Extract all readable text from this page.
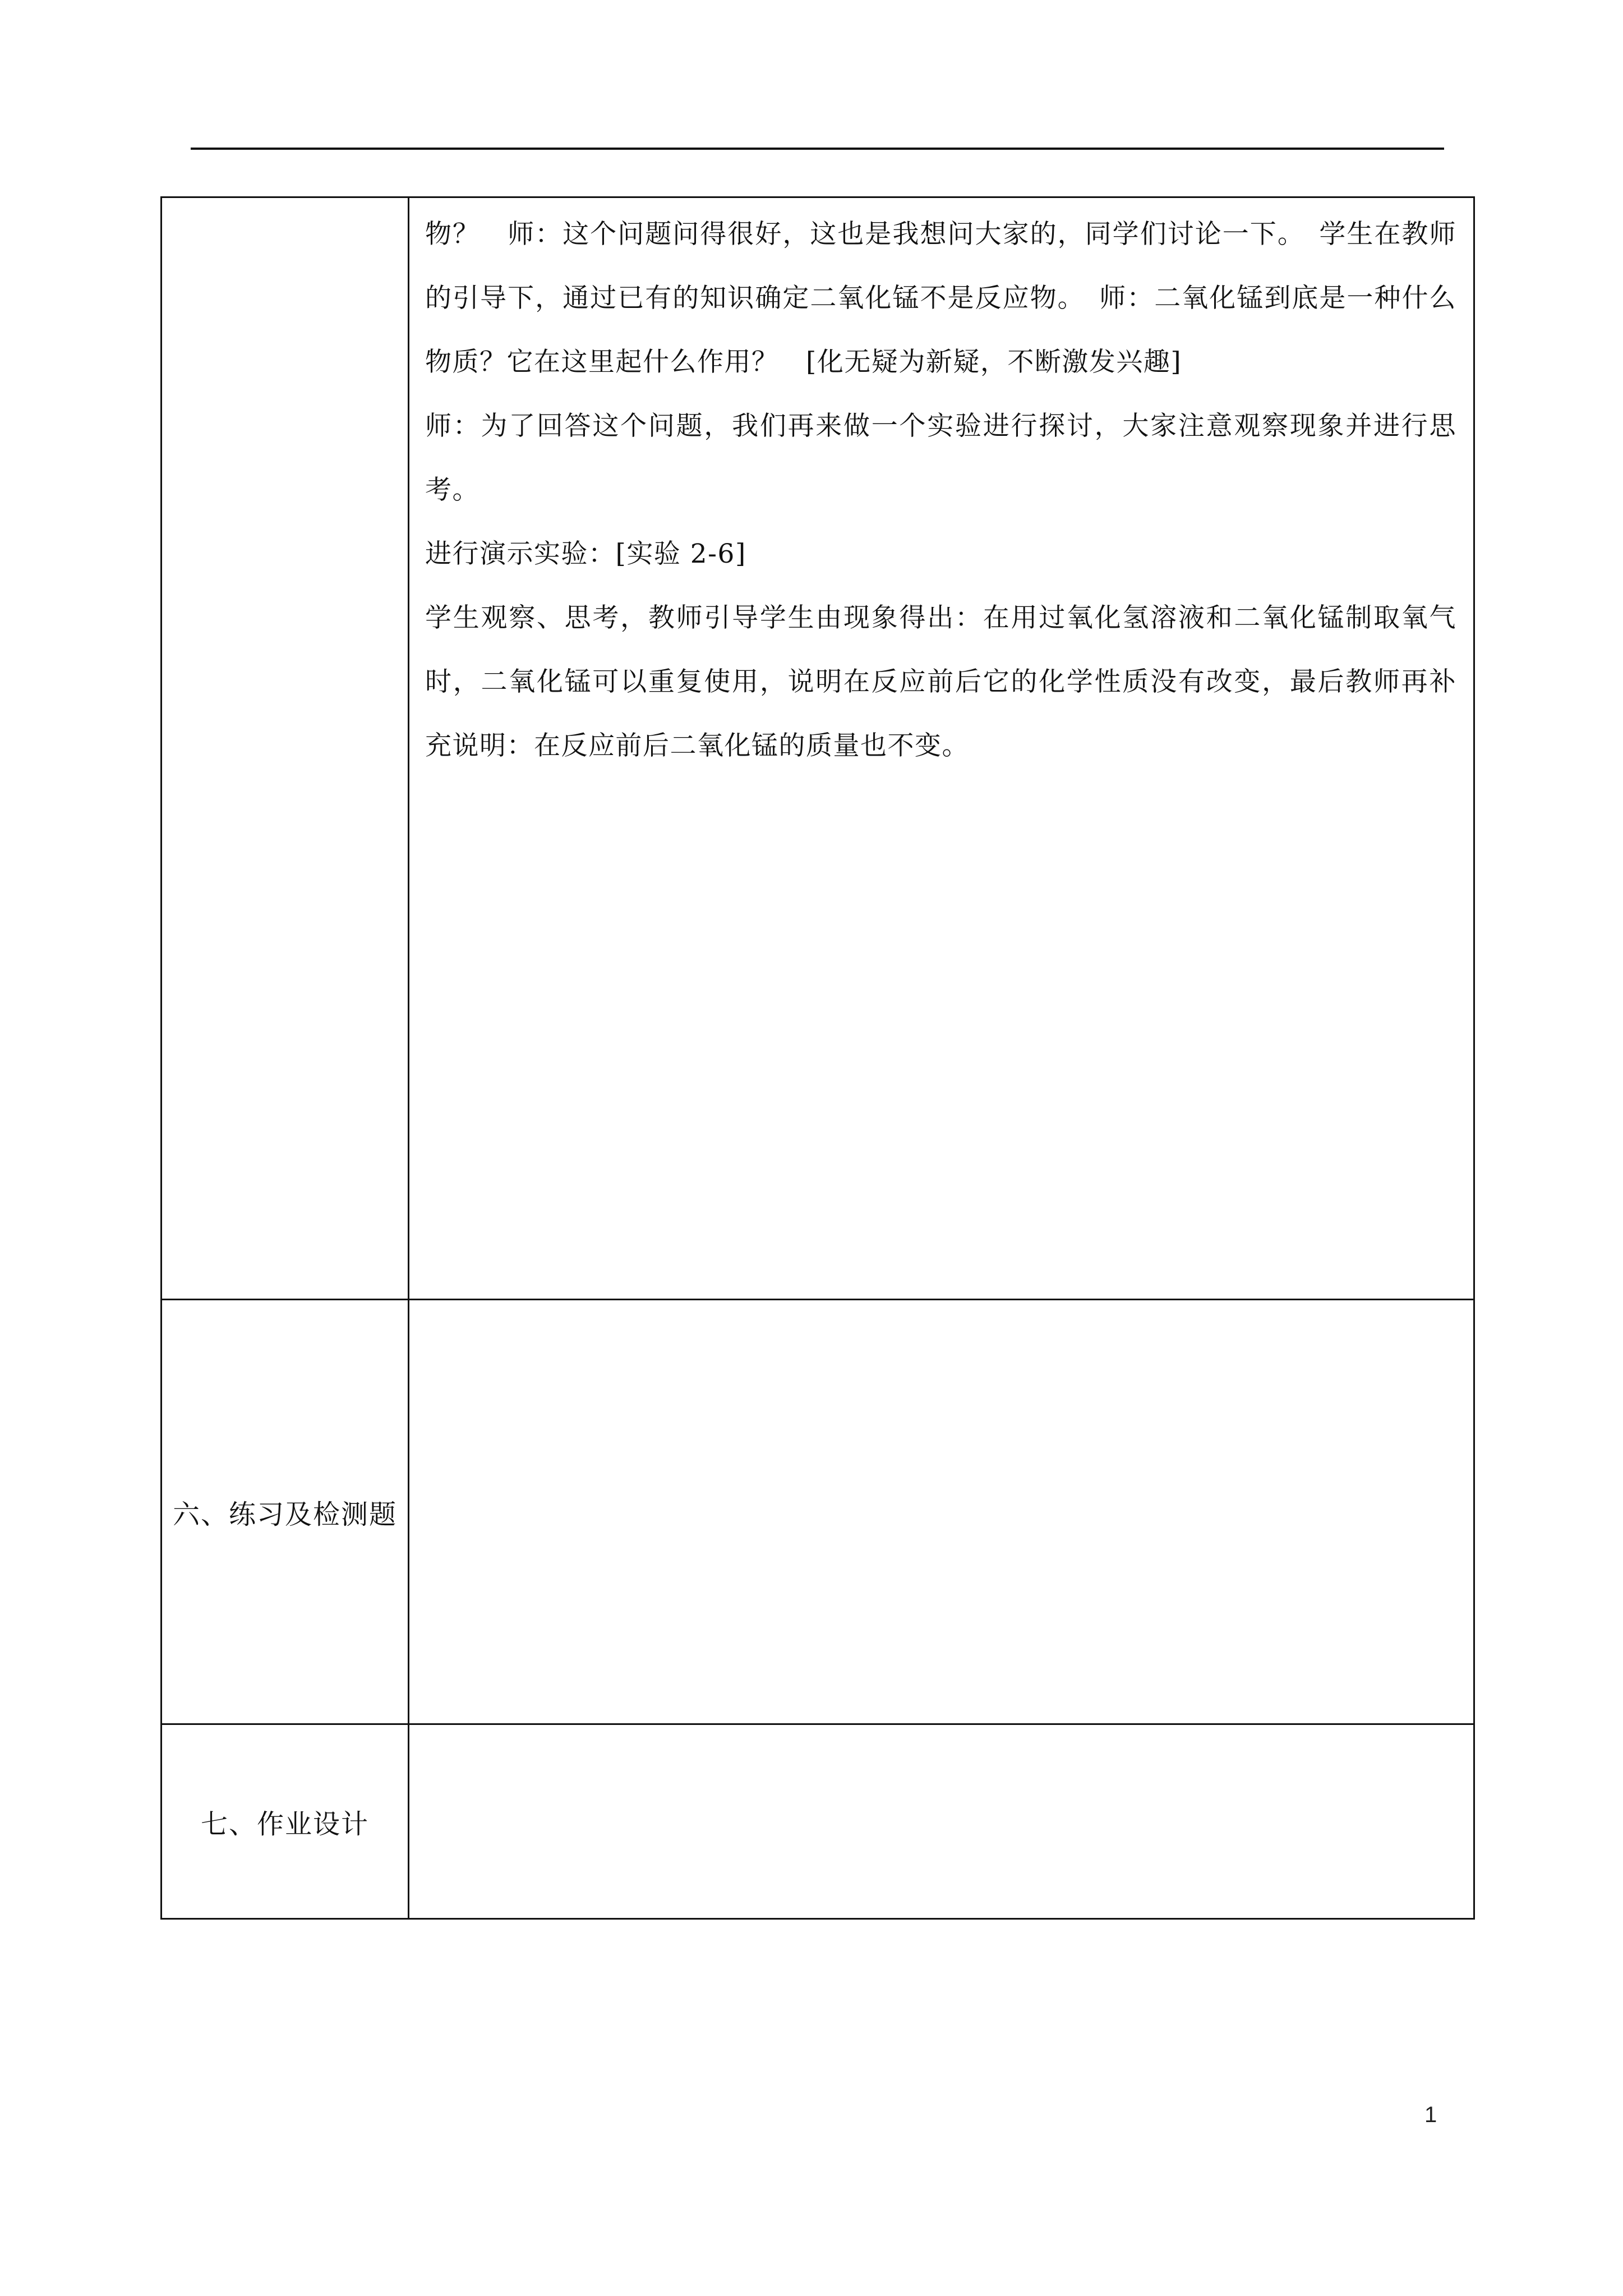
	物？　师：这个问题问得很好，这也是我想问大家的，同学们讨论一下。　学生在教师的引导下，通过已有的知识确定二氧化锰不是反应物。　师：二氧化锰到底是一种什么物质？它在这里起什么作用？　[化无疑为新疑，不断激发兴趣]

师：为了回答这个问题，我们再来做一个实验进行探讨，大家注意观察现象并进行思考。

进行演示实验：[实验 2-6]

学生观察、思考，教师引导学生由现象得出：在用过氧化氢溶液和二氧化锰制取氧气时，二氧化锰可以重复使用，说明在反应前后它的化学性质没有改变，最后教师再补充说明：在反应前后二氧化锰的质量也不变。

六、练习及检测题	
七、作业设计	
1
